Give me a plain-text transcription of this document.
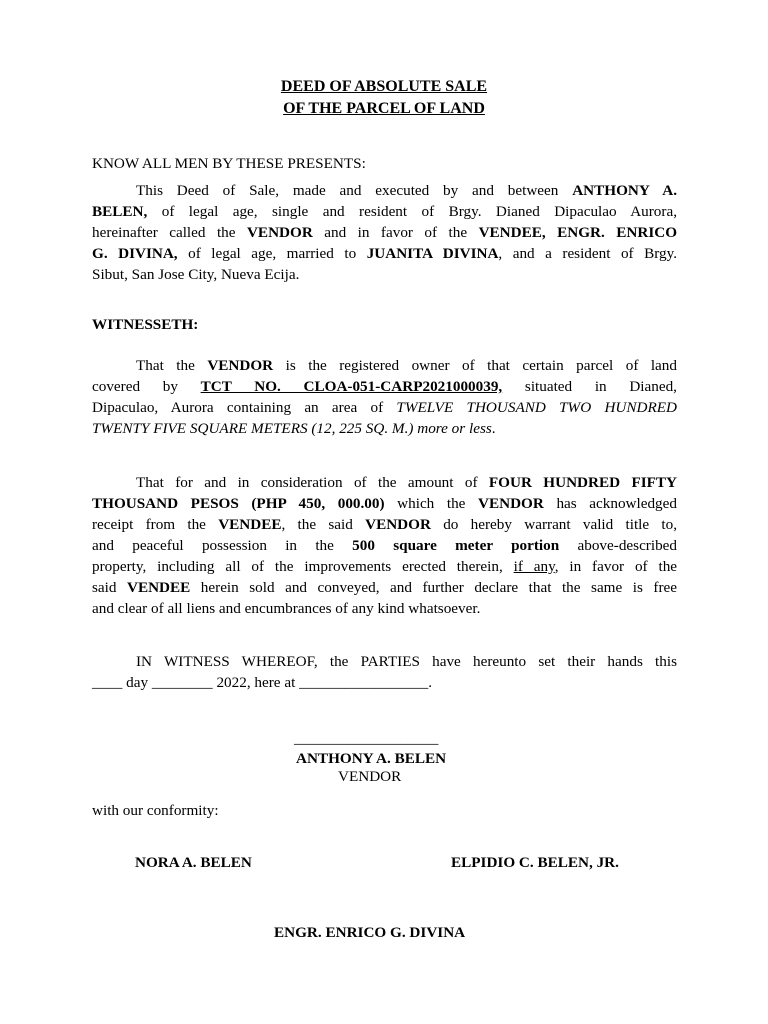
DEED OF ABSOLUTE SALE
OF THE PARCEL OF LAND
KNOW ALL MEN BY THESE PRESENTS:
This Deed of Sale, made and executed by and between ANTHONY A.
BELEN, of legal age, single and resident of Brgy. Dianed Dipaculao Aurora,
hereinafter called the VENDOR and in favor of the VENDEE, ENGR. ENRICO
G. DIVINA, of legal age, married to JUANITA DIVINA, and a resident of Brgy.
Sibut, San Jose City, Nueva Ecija.
WITNESSETH:
That the VENDOR is the registered owner of that certain parcel of land
covered by TCT NO. CLOA-051-CARP2021000039, situated in Dianed,
Dipaculao, Aurora containing an area of TWELVE THOUSAND TWO HUNDRED
TWENTY FIVE SQUARE METERS (12, 225 SQ. M.) more or less.
That for and in consideration of the amount of FOUR HUNDRED FIFTY
THOUSAND PESOS (PHP 450, 000.00) which the VENDOR has acknowledged
receipt from the VENDEE, the said VENDOR do hereby warrant valid title to,
and peaceful possession in the 500 square meter portion above-described
property, including all of the improvements erected therein, if any, in favor of the
said VENDEE herein sold and conveyed, and further declare that the same is free
and clear of all liens and encumbrances of any kind whatsoever.
IN WITNESS WHEREOF, the PARTIES have hereunto set their hands this
____ day ________ 2022, here at _________________.
___________________
ANTHONY A. BELEN
VENDOR
with our conformity:
NORA A. BELEN	ELPIDIO C. BELEN, JR.
ENGR. ENRICO G. DIVINA
